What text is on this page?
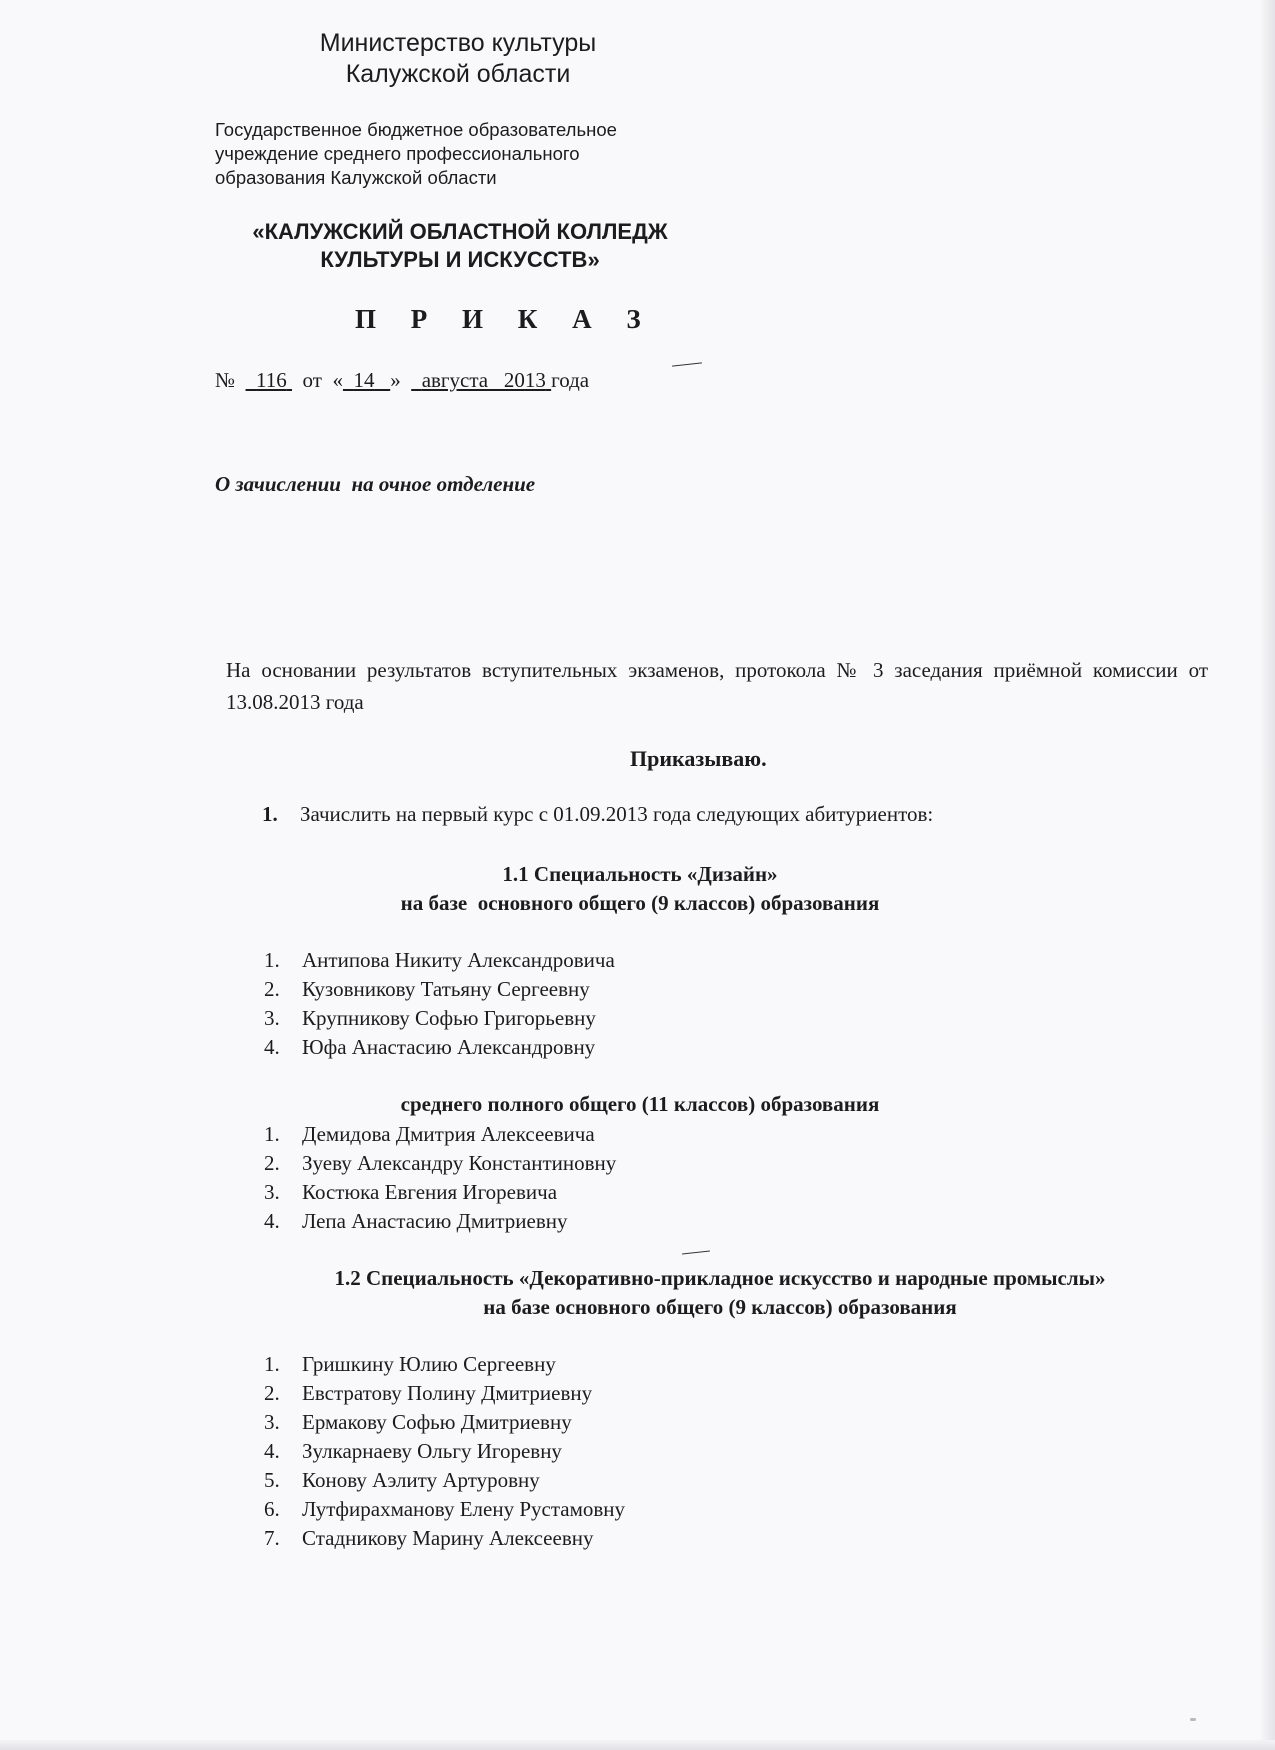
Министерство культуры
Калужской области
Государственное бюджетное образовательное
учреждение среднего профессионального
образования Калужской области
«КАЛУЖСКИЙ ОБЛАСТНОЙ КОЛЛЕДЖ
КУЛЬТУРЫ И ИСКУССТВ»
П Р И К А З
№ 116 от « 14 » августа   2013 года
О зачислении  на очное отделение
На основании результатов вступительных экзаменов, протокола № 3 заседания приёмной комиссии от 13.08.2013 года
Приказываю.
1. Зачислить на первый курс с 01.09.2013 года следующих абитуриентов:
1.1 Специальность «Дизайн»
на базе  основного общего (9 классов) образования
1.	Антипова Никиту Александровича
2.	Кузовникову Татьяну Сергеевну
3.	Крупникову Софью Григорьевну
4.	Юфа Анастасию Александровну
среднего полного общего (11 классов) образования
1.	Демидова Дмитрия Алексеевича
2.	Зуеву Александру Константиновну
3.	Костюка Евгения Игоревича
4.	Лепа Анастасию Дмитриевну
1.2 Специальность «Декоративно-прикладное искусство и народные промыслы»
на базе основного общего (9 классов) образования
1.	Гришкину Юлию Сергеевну
2.	Евстратову Полину Дмитриевну
3.	Ермакову Софью Дмитриевну
4.	Зулкарнаеву Ольгу Игоревну
5.	Конову Аэлиту Артуровну
6.	Лутфирахманову Елену Рустамовну
7.	Стадникову Марину Алексеевну
